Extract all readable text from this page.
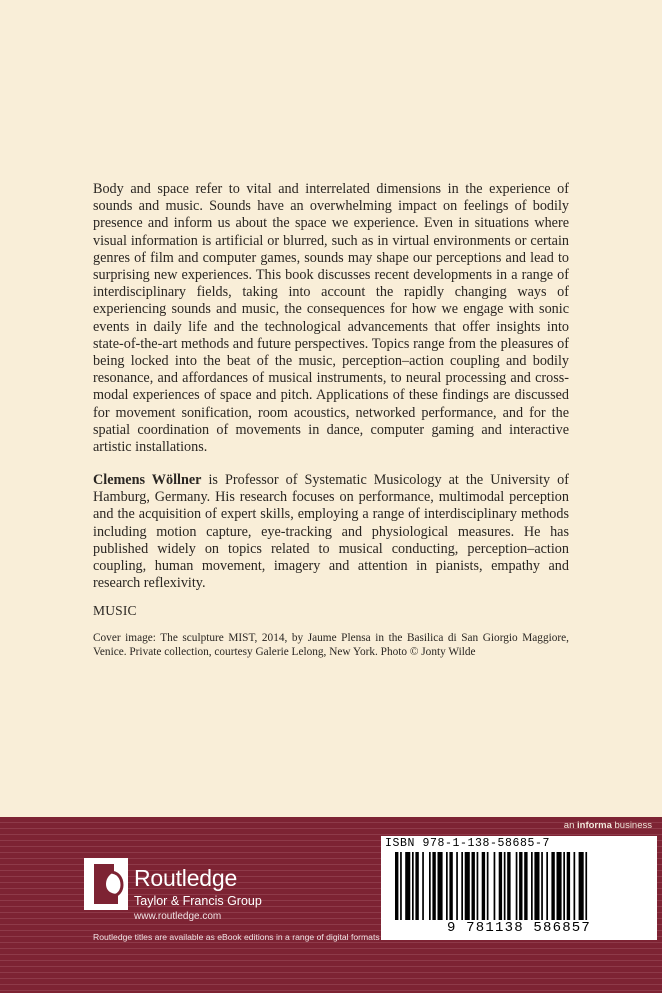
Body and space refer to vital and interrelated dimensions in the experience of sounds and music. Sounds have an overwhelming impact on feelings of bodily presence and inform us about the space we experience. Even in situations where visual information is artificial or blurred, such as in virtual environments or certain genres of film and computer games, sounds may shape our perceptions and lead to surprising new experiences. This book discusses recent developments in a range of interdisciplinary fields, taking into account the rapidly changing ways of experiencing sounds and music, the consequences for how we engage with sonic events in daily life and the technological advancements that offer insights into state-of-the-art methods and future perspectives. Topics range from the pleasures of being locked into the beat of the music, perception–action coupling and bodily resonance, and affordances of musical instruments, to neural processing and cross-modal experiences of space and pitch. Applications of these findings are discussed for movement sonification, room acoustics, networked performance, and for the spatial coordination of movements in dance, computer gaming and interactive artistic installations.

Clemens Wöllner is Professor of Systematic Musicology at the University of Hamburg, Germany. His research focuses on performance, multimodal perception and the acquisition of expert skills, employing a range of interdisciplinary methods including motion capture, eye-tracking and physiological measures. He has published widely on topics related to musical conducting, perception–action coupling, human movement, imagery and attention in pianists, empathy and research reflexivity.

MUSIC

Cover image: The sculpture MIST, 2014, by Jaume Plensa in the Basilica di San Giorgio Maggiore, Venice. Private collection, courtesy Galerie Lelong, New York. Photo © Jonty Wilde

an informa business
ROUTLEDGE Routledge
Taylor & Francis Group
www.routledge.com
Routledge titles are available as eBook editions in a range of digital formats
ISBN 978-1-138-58685-7
9 781138 586857
